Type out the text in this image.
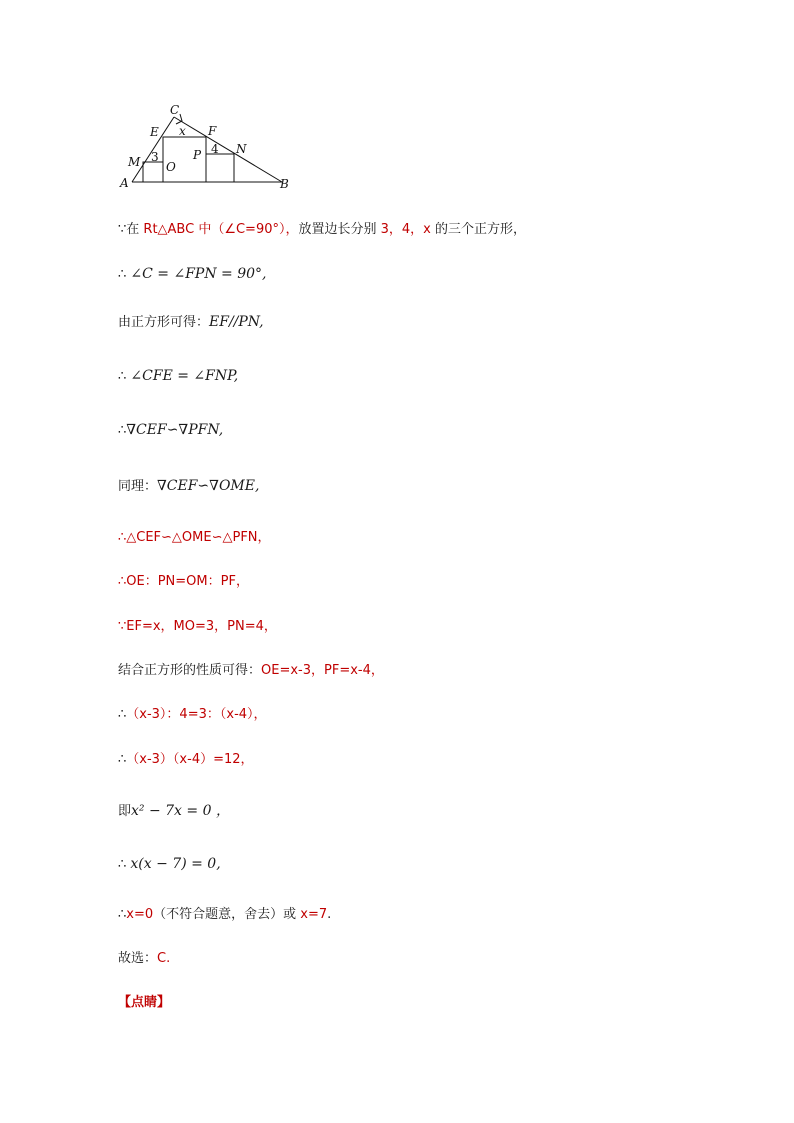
C
E	F
x
M 3
O
P 4 N
A	B
∵在 Rt△ABC 中（∠C=90°），放置边长分别 3，4，x 的三个正方形，
∴ ∠C = ∠FPN = 90°,
由正方形可得：EF//PN,
∴ ∠CFE = ∠FNP,
∴∇CEF∽∇PFN,
同理：∇CEF∽∇OME,
∴△CEF∽△OME∽△PFN，
∴OE：PN=OM：PF，
∵EF=x，MO=3，PN=4，
结合正方形的性质可得：OE=x-3，PF=x-4，
∴（x-3）：4=3：（x-4），
∴（x-3）（x-4）=12，
即x² − 7x = 0 ，
∴ x(x − 7) = 0,
∴x=0（不符合题意，舍去）或 x=7.
故选：C.
【点睛】
